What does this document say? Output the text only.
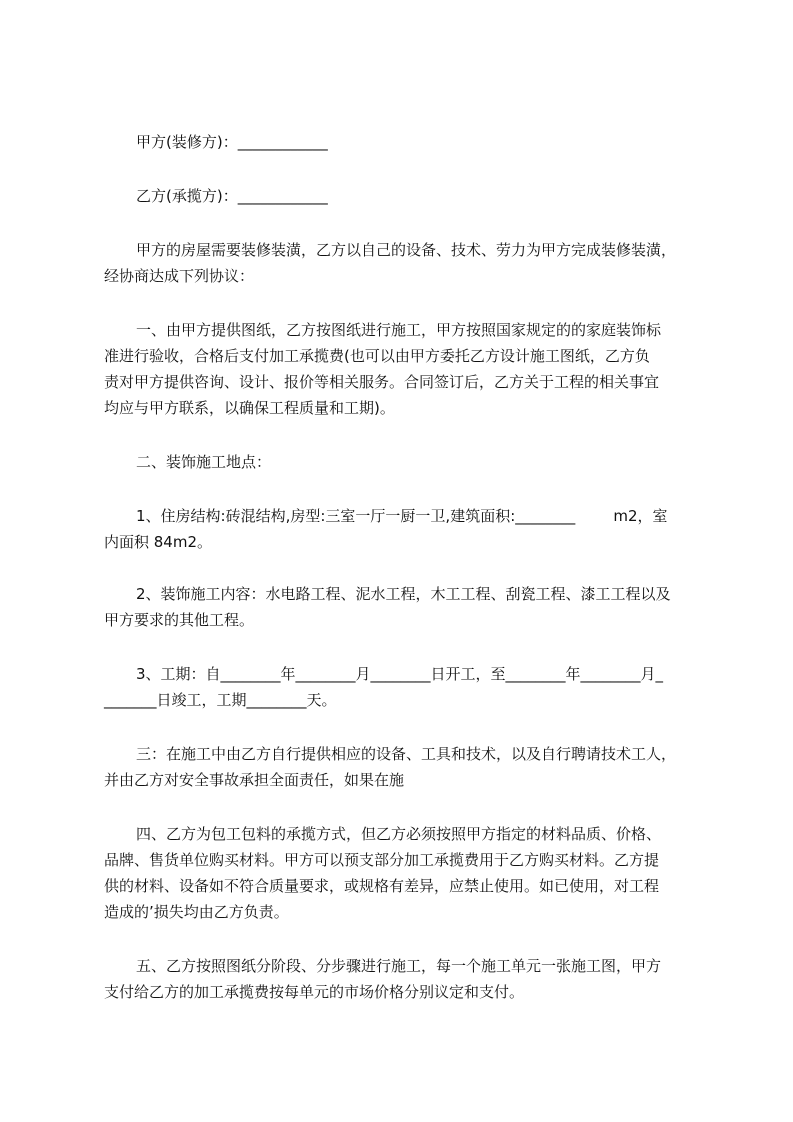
甲方(装修方)：____________
乙方(承揽方)：____________
甲方的房屋需要装修装潢，乙方以自己的设备、技术、劳力为甲方完成装修装潢，
经协商达成下列协议：
一、由甲方提供图纸，乙方按图纸进行施工，甲方按照国家规定的的家庭装饰标
准进行验收，合格后支付加工承揽费(也可以由甲方委托乙方设计施工图纸，乙方负
责对甲方提供咨询、设计、报价等相关服务。合同签订后，乙方关于工程的相关事宜
均应与甲方联系，以确保工程质量和工期)。
二、装饰施工地点：
1、住房结构:砖混结构,房型:三室一厅一厨一卫,建筑面积:________        m2，室
内面积 84m2。
2、装饰施工内容：水电路工程、泥水工程，木工工程、刮瓷工程、漆工工程以及
甲方要求的其他工程。
3、工期：自________年________月________日开工，至________年________月_
_______日竣工，工期________天。
三：在施工中由乙方自行提供相应的设备、工具和技术，以及自行聘请技术工人，
并由乙方对安全事故承担全面责任，如果在施
四、乙方为包工包料的承揽方式，但乙方必须按照甲方指定的材料品质、价格、
品牌、售货单位购买材料。甲方可以预支部分加工承揽费用于乙方购买材料。乙方提
供的材料、设备如不符合质量要求，或规格有差异，应禁止使用。如已使用，对工程
造成的’损失均由乙方负责。
五、乙方按照图纸分阶段、分步骤进行施工，每一个施工单元一张施工图，甲方
支付给乙方的加工承揽费按每单元的市场价格分别议定和支付。
